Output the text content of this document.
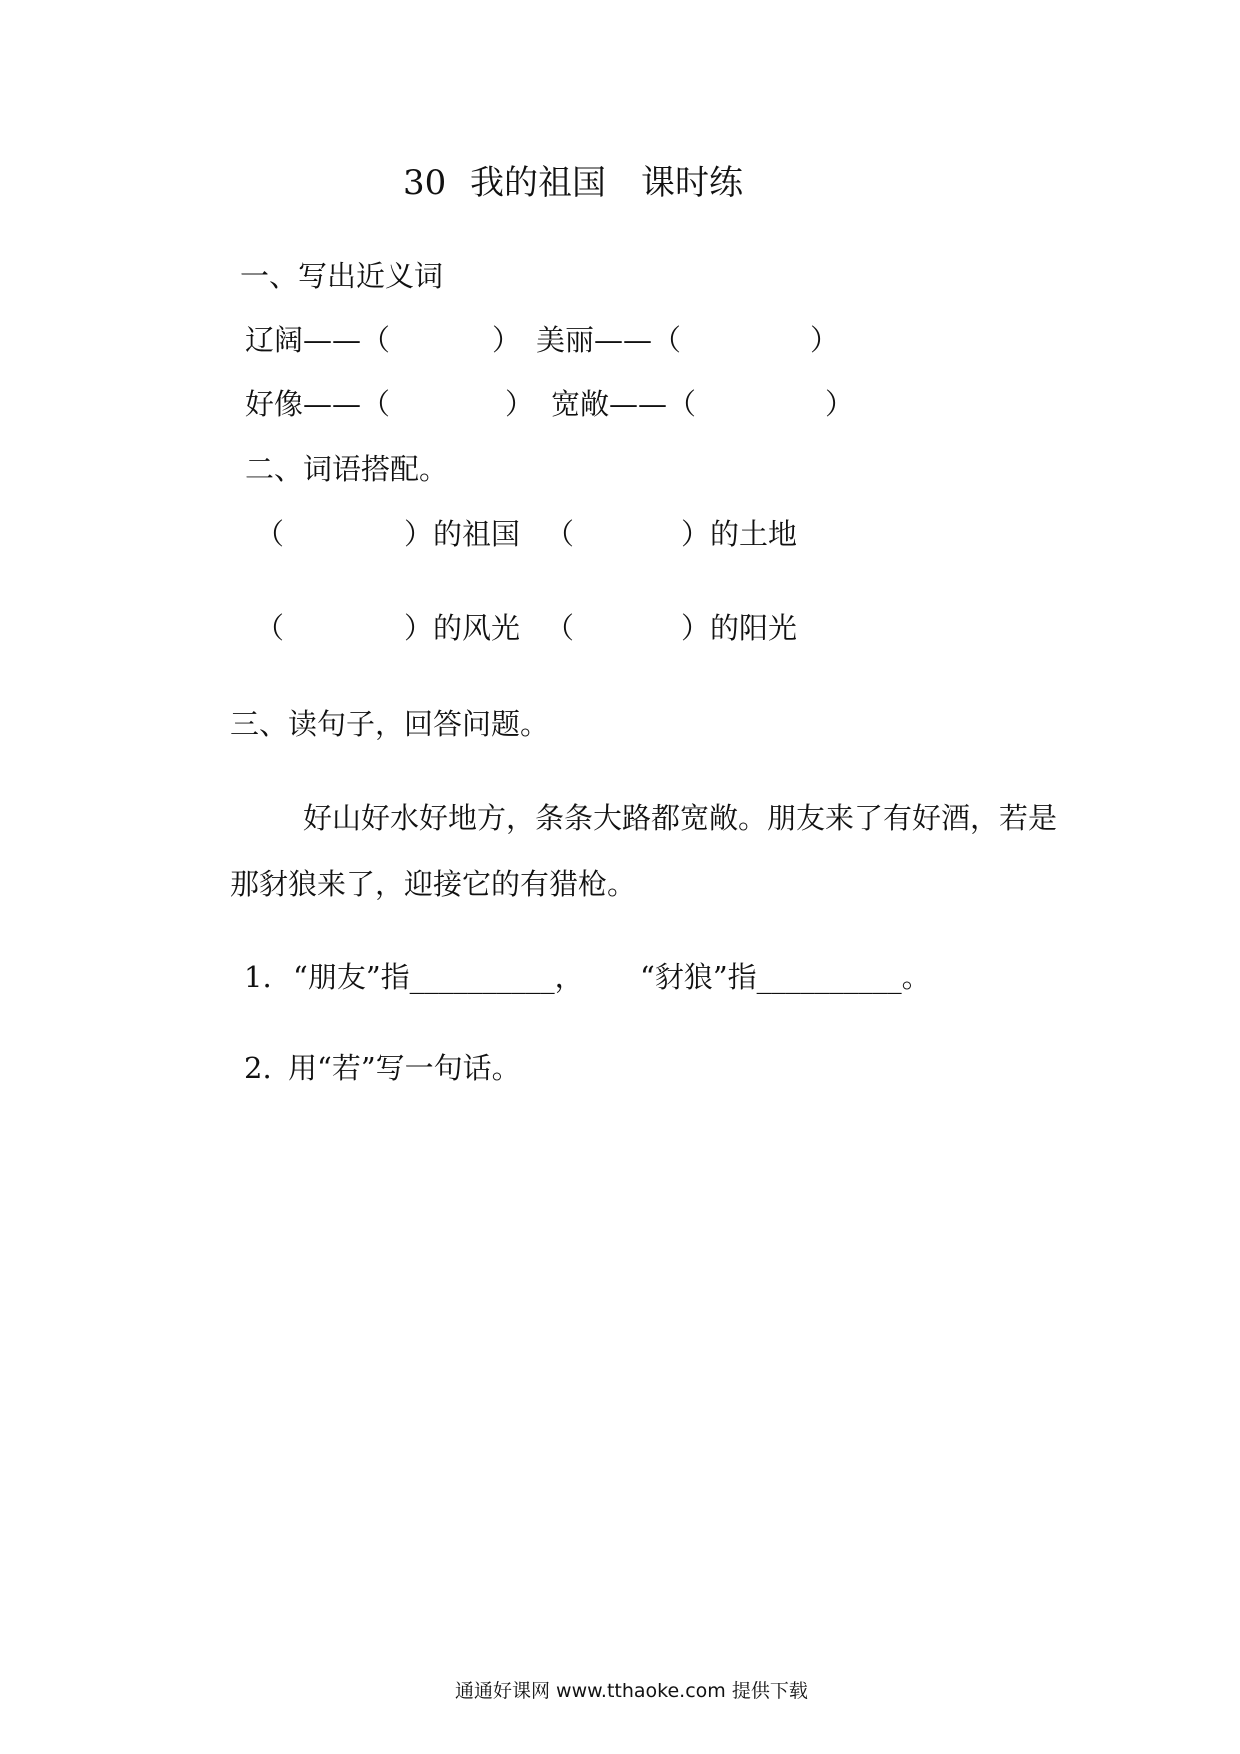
30 我的祖国 课时练
一、写出近义词
辽阔——（	） 美丽——（	）
好像——（	） 宽敞——（	）
二、词语搭配。
（	）的祖国 （	）的土地
（	）的风光 （	）的阳光
三、读句子，回答问题。
好山好水好地方，条条大路都宽敞。朋友来了有好酒，若是
那豺狼来了，迎接它的有猎枪。
1. “朋友”指__________， “豺狼”指__________。
2. 用“若”写一句话。
通通好课网 www.tthaoke.com 提供下载
